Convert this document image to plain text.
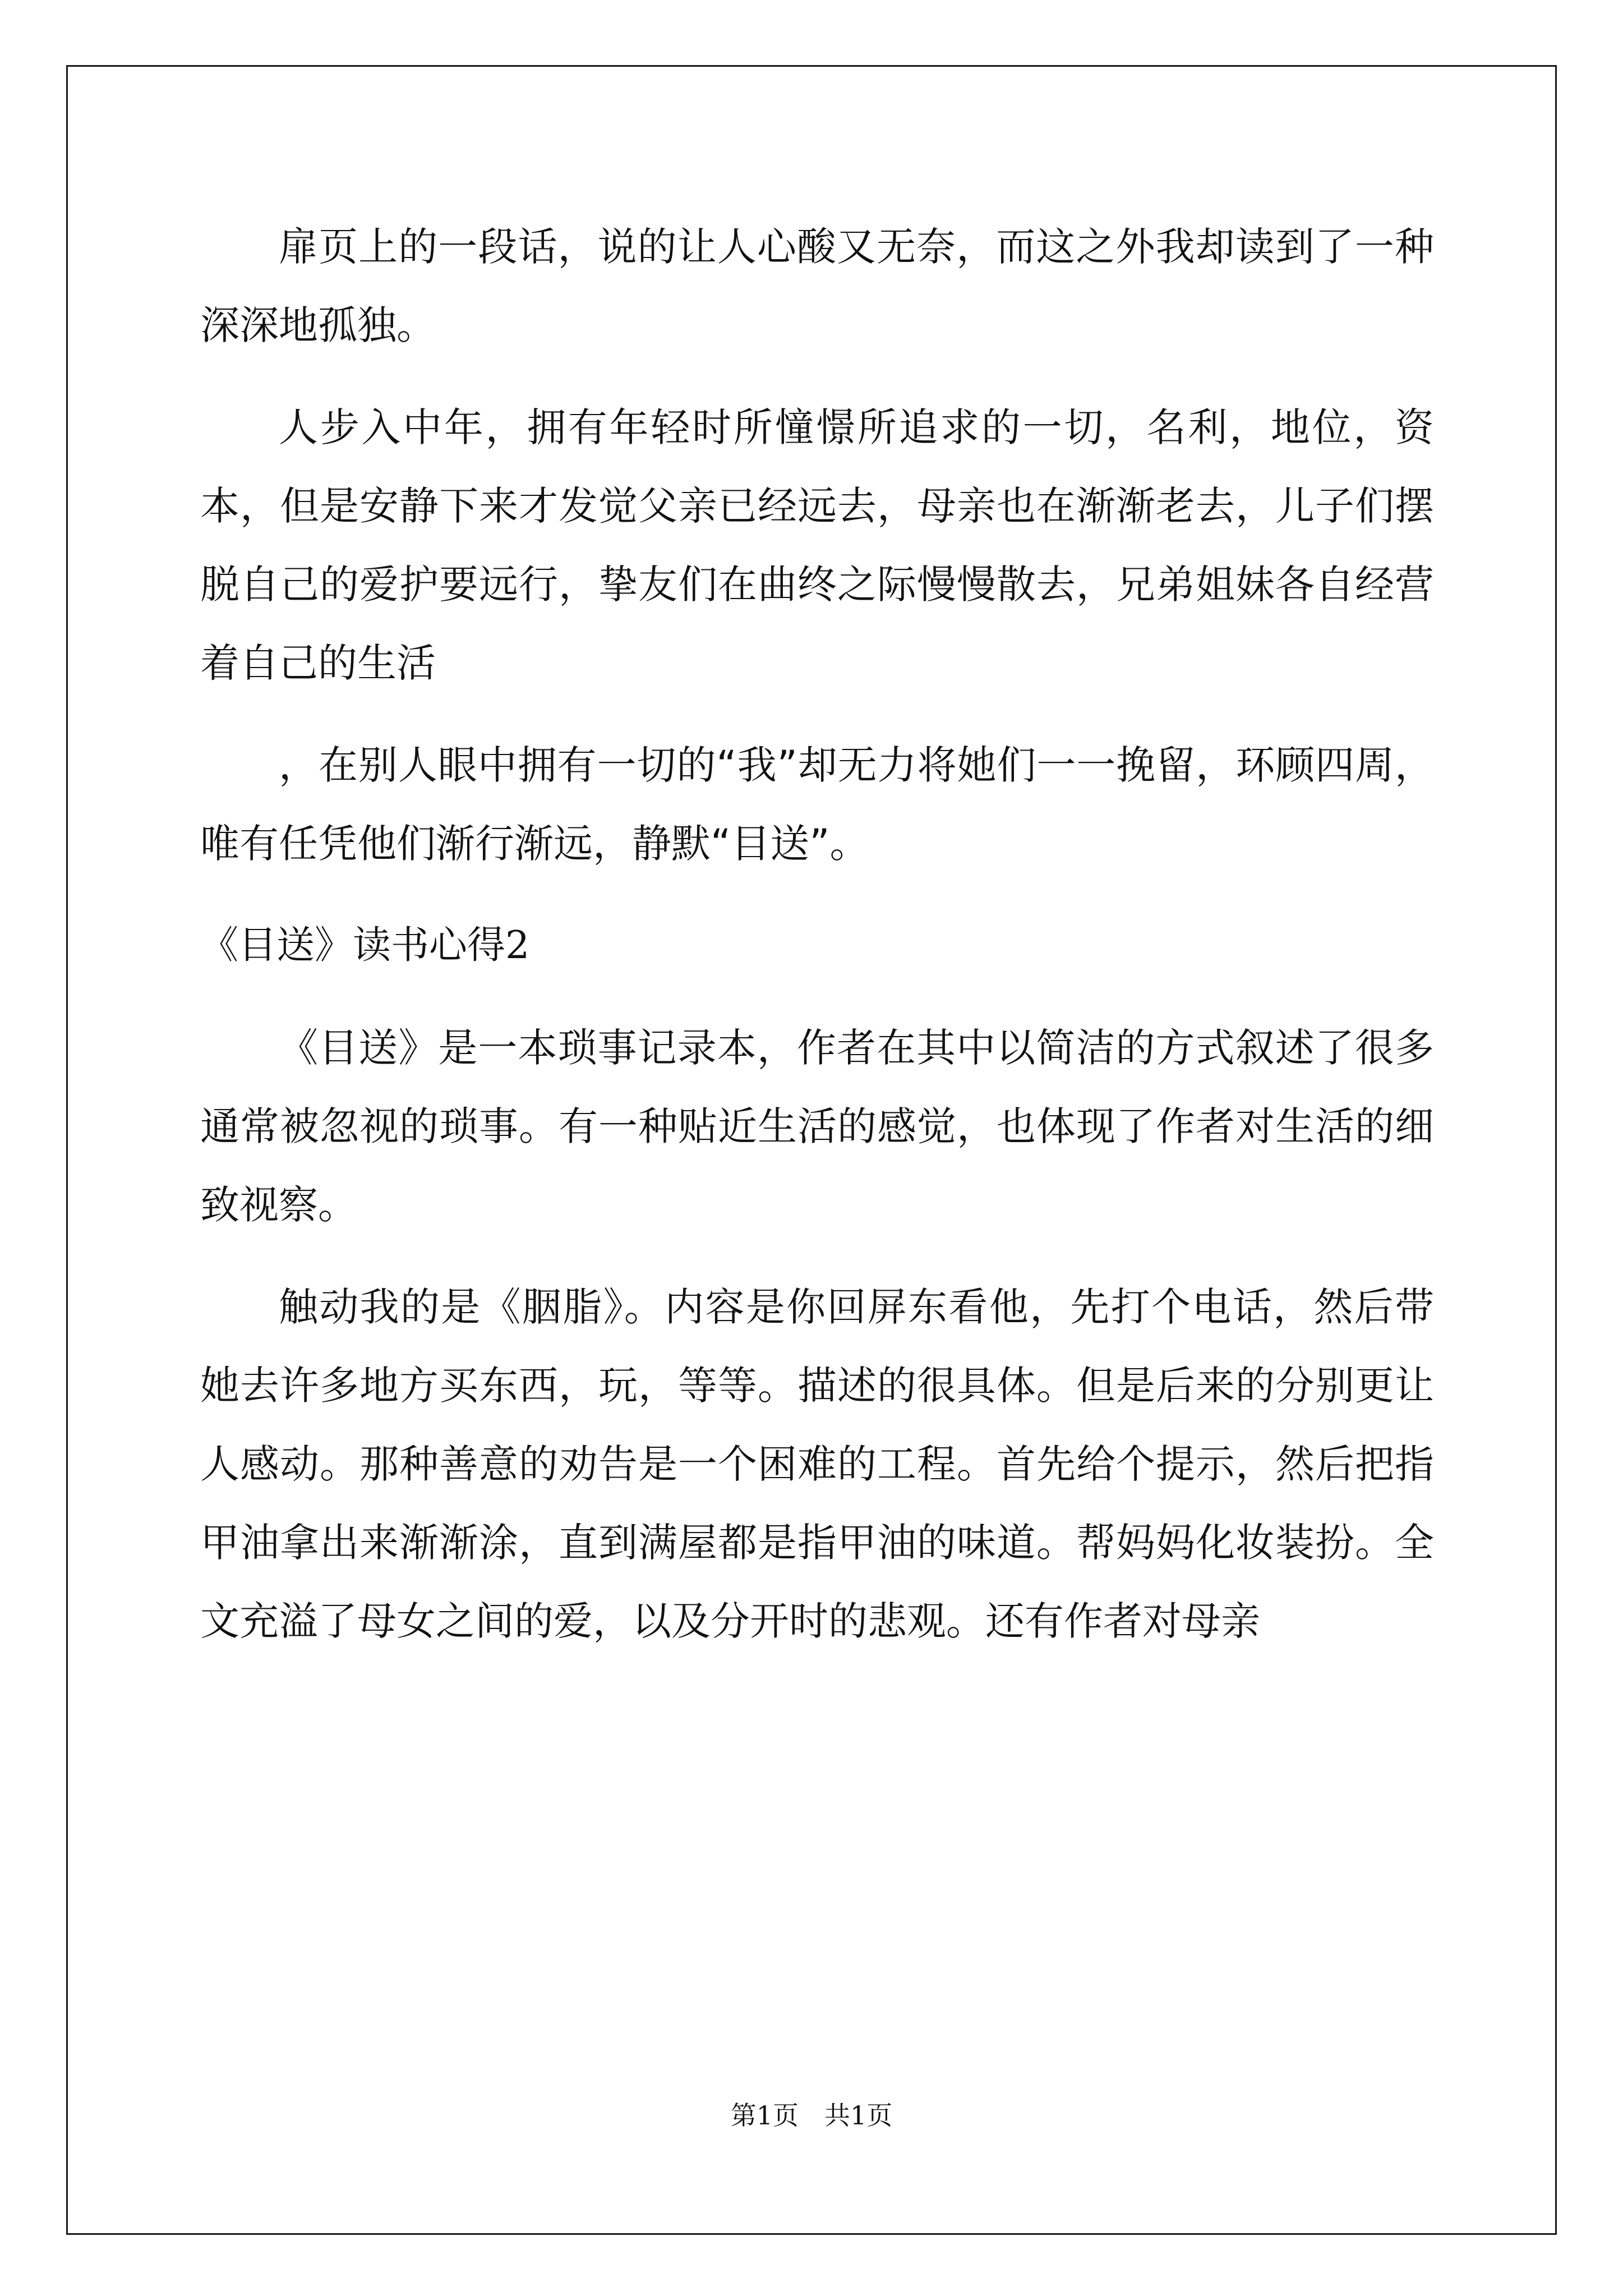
扉页上的一段话，说的让人心酸又无奈，而这之外我却读到了一种深深地孤独。

人步入中年，拥有年轻时所憧憬所追求的一切，名利，地位，资本，但是安静下来才发觉父亲已经远去，母亲也在渐渐老去，儿子们摆脱自己的爱护要远行，挚友们在曲终之际慢慢散去，兄弟姐妹各自经营着自己的生活

，在别人眼中拥有一切的“我”却无力将她们一一挽留，环顾四周，唯有任凭他们渐行渐远，静默“目送”。

《目送》读书心得2

《目送》是一本琐事记录本，作者在其中以简洁的方式叙述了很多通常被忽视的琐事。有一种贴近生活的感觉，也体现了作者对生活的细致视察。

触动我的是《胭脂》。内容是你回屏东看他，先打个电话，然后带她去许多地方买东西，玩，等等。描述的很具体。但是后来的分别更让人感动。那种善意的劝告是一个困难的工程。首先给个提示，然后把指甲油拿出来渐渐涂，直到满屋都是指甲油的味道。帮妈妈化妆装扮。全文充溢了母女之间的爱，以及分开时的悲观。还有作者对母亲

第1页　共1页
